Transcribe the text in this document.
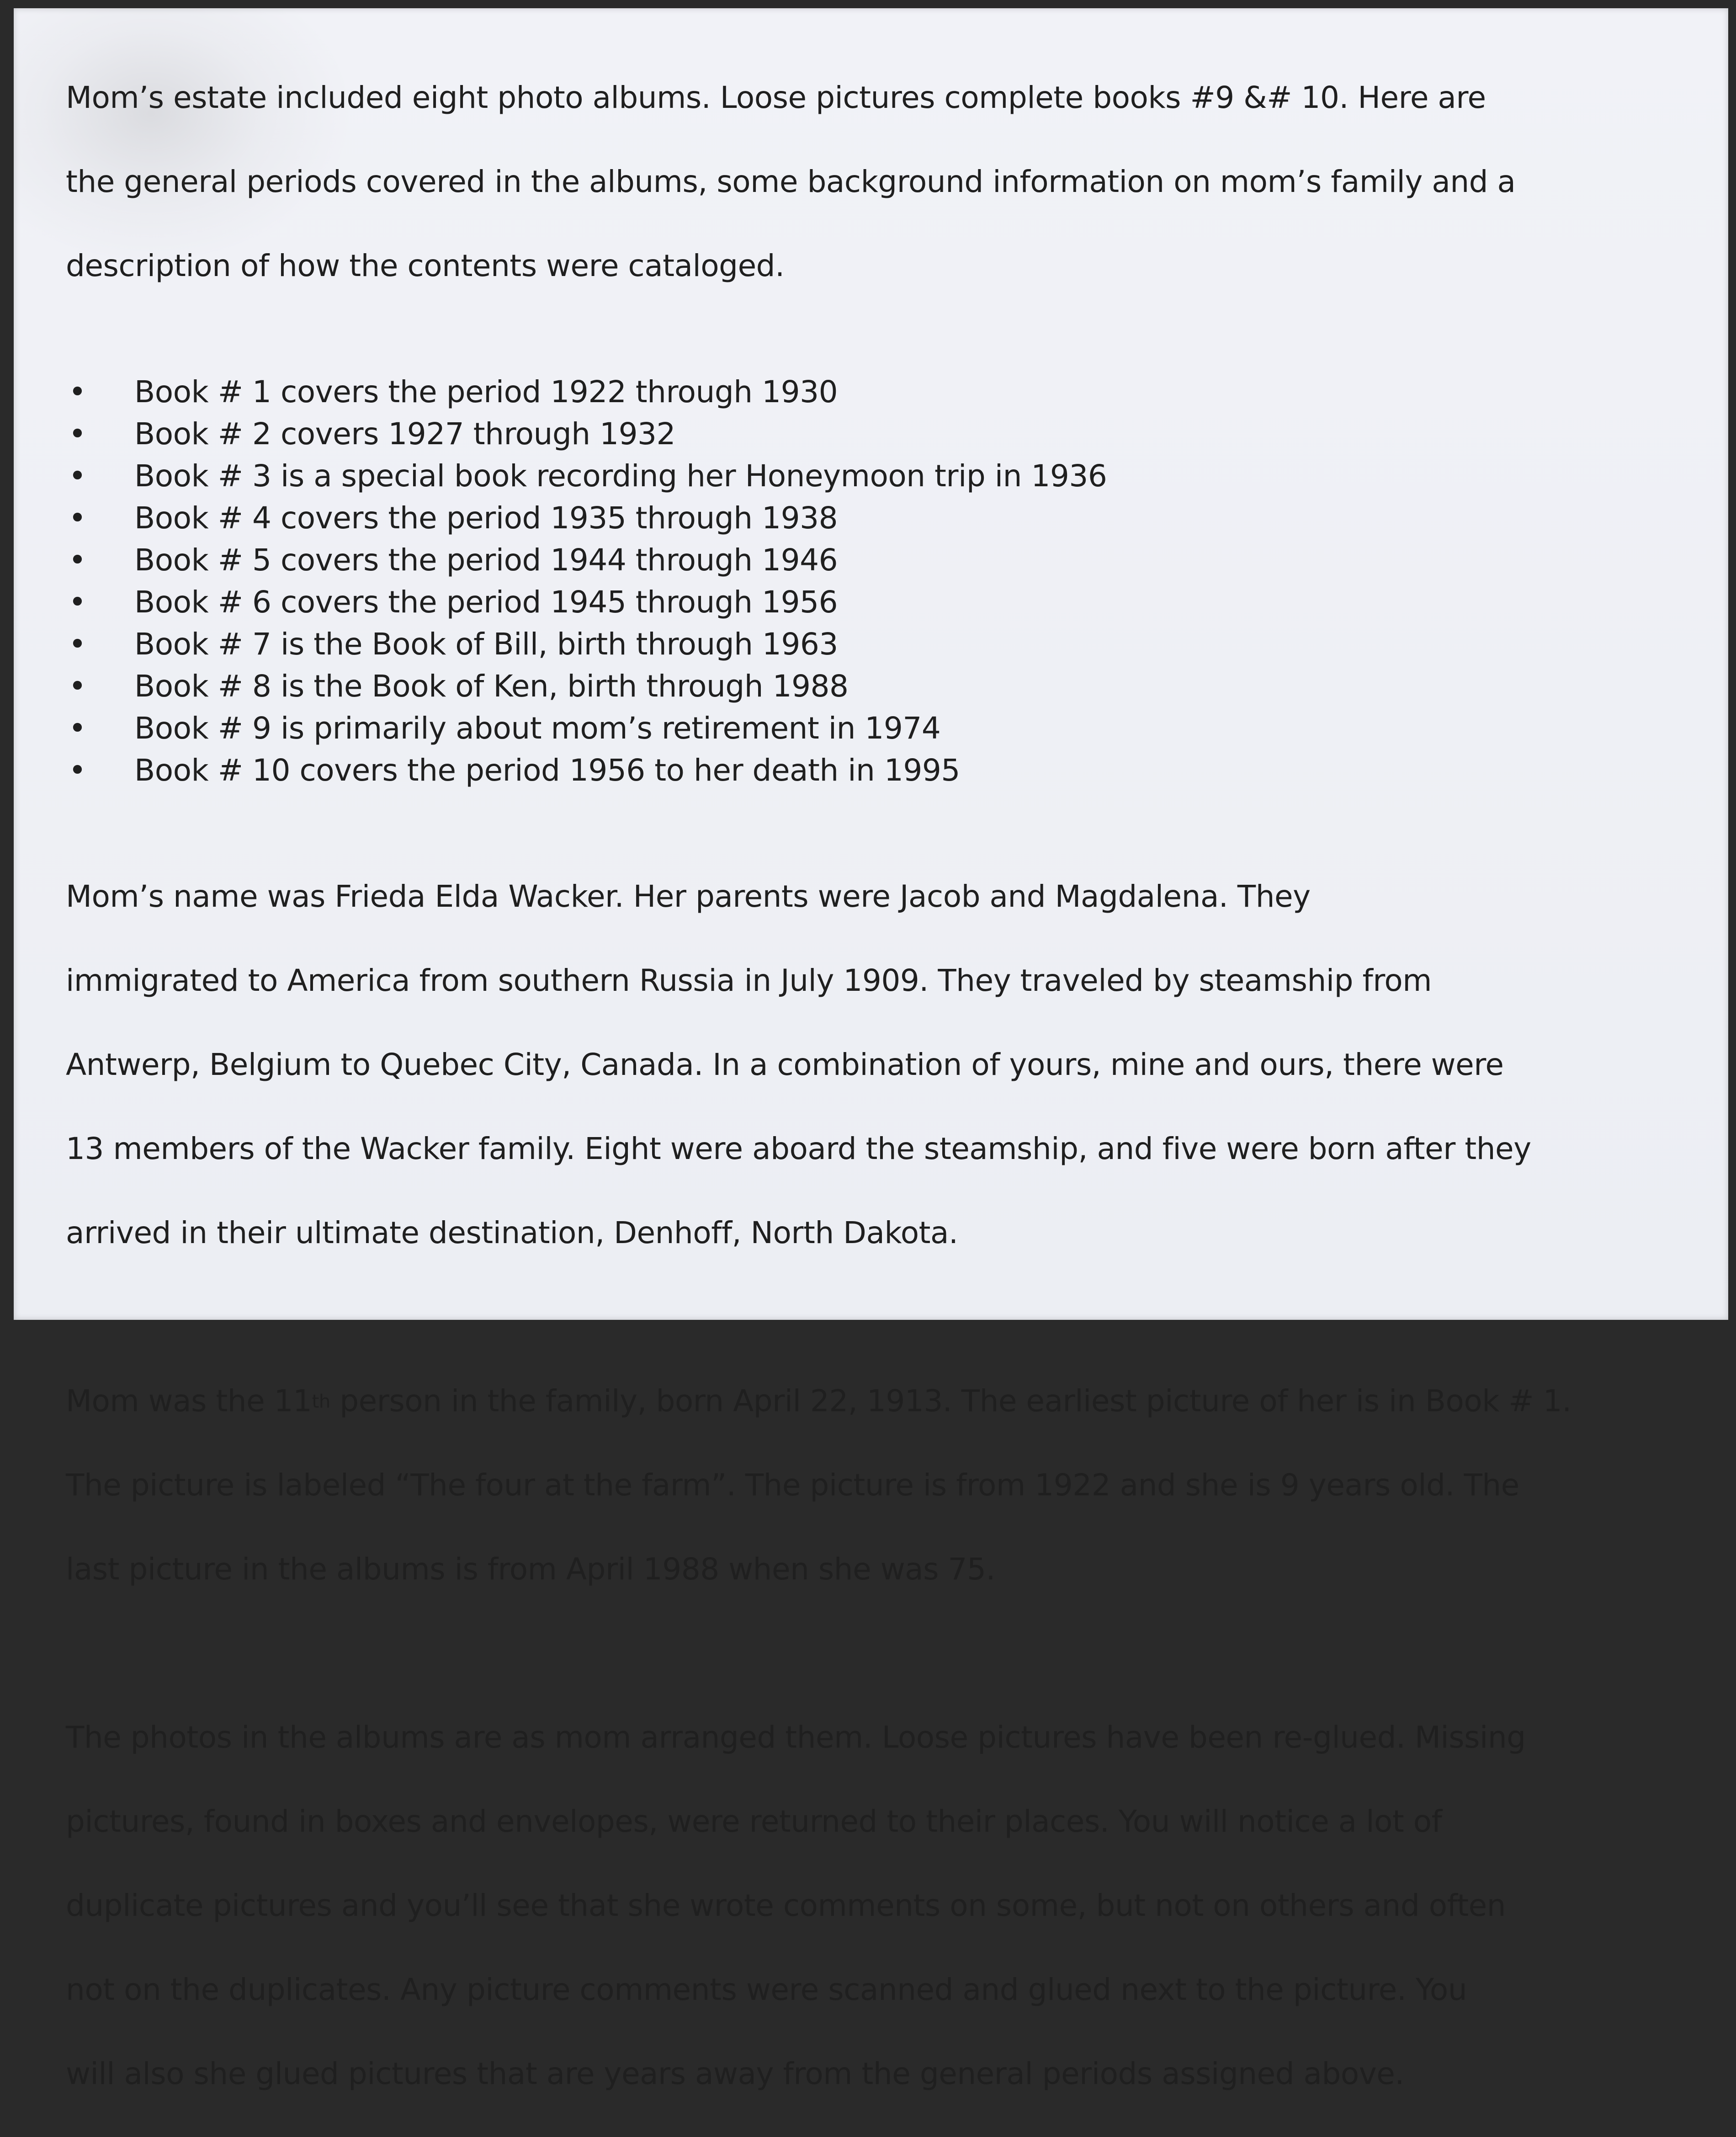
Mom’s estate included eight photo albums. Loose pictures complete books #9 &# 10. Here are

the general periods covered in the albums, some background information on mom’s family and a

description of how the contents were cataloged.

• Book # 1 covers the period 1922 through 1930
• Book # 2 covers 1927 through 1932
• Book # 3 is a special book recording her Honeymoon trip in 1936
• Book # 4 covers the period 1935 through 1938
• Book # 5 covers the period 1944 through 1946
• Book # 6 covers the period 1945 through 1956
• Book # 7 is the Book of Bill, birth through 1963
• Book # 8 is the Book of Ken, birth through 1988
• Book # 9 is primarily about mom’s retirement in 1974
• Book # 10 covers the period 1956 to her death in 1995

Mom’s name was Frieda Elda Wacker. Her parents were Jacob and Magdalena. They

immigrated to America from southern Russia in July 1909. They traveled by steamship from

Antwerp, Belgium to Quebec City, Canada. In a combination of yours, mine and ours, there were

13 members of the Wacker family. Eight were aboard the steamship, and five were born after they

arrived in their ultimate destination, Denhoff, North Dakota.

Mom was the 11th person in the family, born April 22, 1913. The earliest picture of her is in Book # 1.

The picture is labeled “The four at the farm”. The picture is from 1922 and she is 9 years old. The

last picture in the albums is from April 1988 when she was 75.

The photos in the albums are as mom arranged them. Loose pictures have been re-glued. Missing

pictures, found in boxes and envelopes, were returned to their places. You will notice a lot of

duplicate pictures and you’ll see that she wrote comments on some, but not on others and often

not on the duplicates. Any picture comments were scanned and glued next to the picture. You

will also she glued pictures that are years away from the general periods assigned above.
